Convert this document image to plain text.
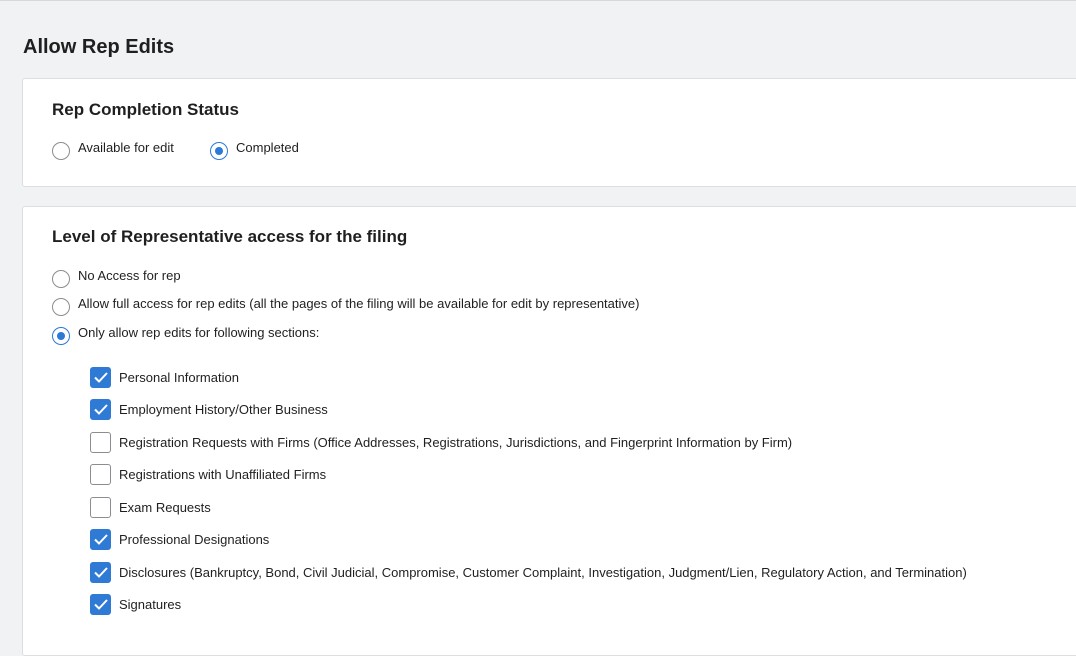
Allow Rep Edits
Rep Completion Status
Available for edit	Completed
Level of Representative access for the filing
No Access for rep
Allow full access for rep edits (all the pages of the filing will be available for edit by representative)
Only allow rep edits for following sections:
Personal Information
Employment History/Other Business
Registration Requests with Firms (Office Addresses, Registrations, Jurisdictions, and Fingerprint Information by Firm)
Registrations with Unaffiliated Firms
Exam Requests
Professional Designations
Disclosures (Bankruptcy, Bond, Civil Judicial, Compromise, Customer Complaint, Investigation, Judgment/Lien, Regulatory Action, and Termination)
Signatures
